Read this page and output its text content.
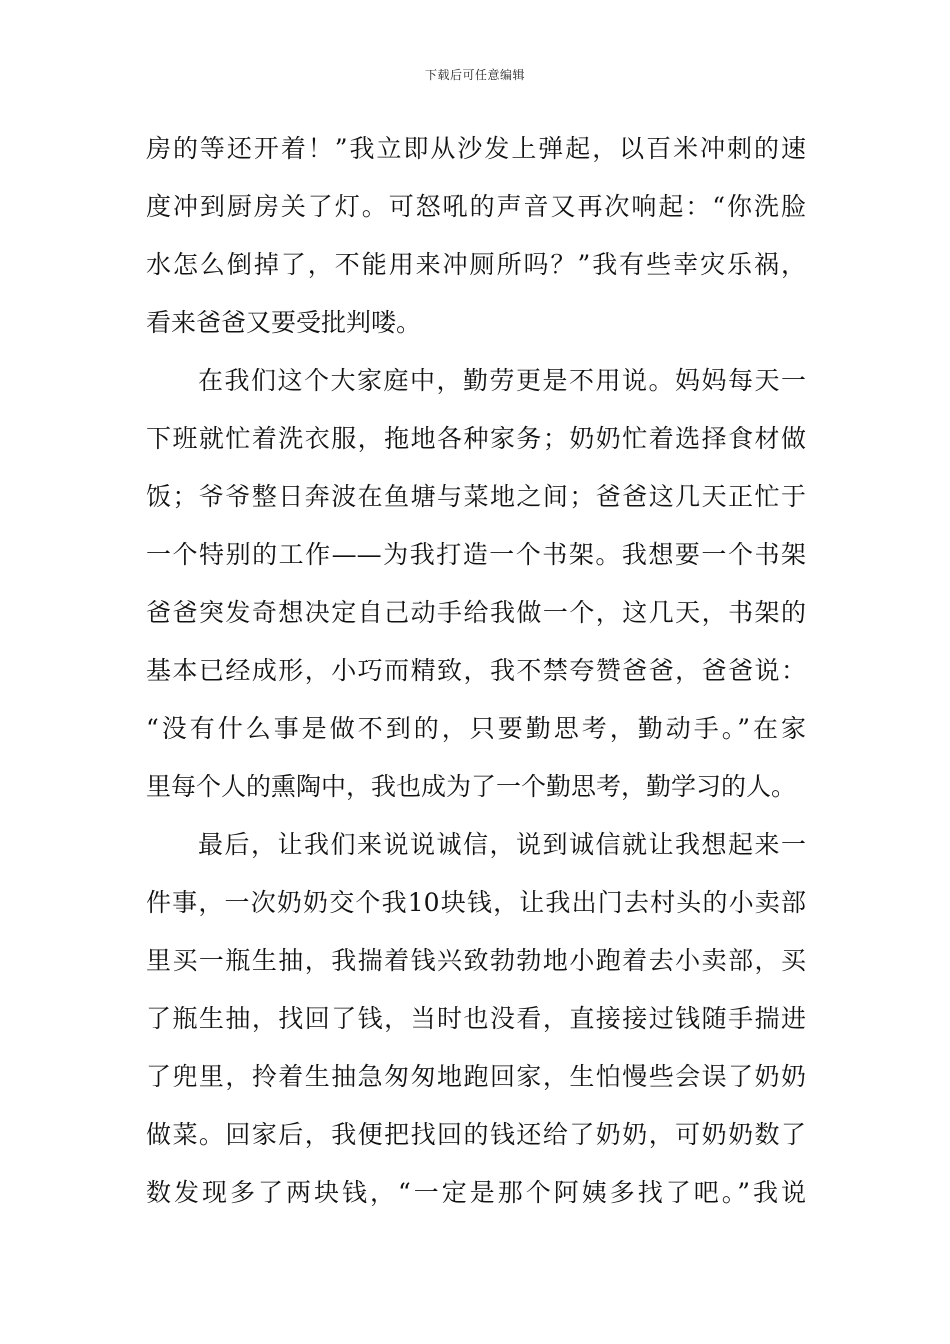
下载后可任意编辑
房的等还开着！”我立即从沙发上弹起，以百米冲刺的速
度冲到厨房关了灯。可怒吼的声音又再次响起：“你洗脸
水怎么倒掉了，不能用来冲厕所吗？”我有些幸灾乐祸，
看来爸爸又要受批判喽。
在我们这个大家庭中，勤劳更是不用说。妈妈每天一
下班就忙着洗衣服，拖地各种家务；奶奶忙着选择食材做
饭；爷爷整日奔波在鱼塘与菜地之间；爸爸这几天正忙于
一个特别的工作——为我打造一个书架。我想要一个书架
爸爸突发奇想决定自己动手给我做一个，这几天，书架的
基本已经成形，小巧而精致，我不禁夸赞爸爸，爸爸说：
“没有什么事是做不到的，只要勤思考，勤动手。”在家
里每个人的熏陶中，我也成为了一个勤思考，勤学习的人。
最后，让我们来说说诚信，说到诚信就让我想起来一
件事，一次奶奶交个我10块钱，让我出门去村头的小卖部
里买一瓶生抽，我揣着钱兴致勃勃地小跑着去小卖部，买
了瓶生抽，找回了钱，当时也没看，直接接过钱随手揣进
了兜里，拎着生抽急匆匆地跑回家，生怕慢些会误了奶奶
做菜。回家后，我便把找回的钱还给了奶奶，可奶奶数了
数发现多了两块钱，“一定是那个阿姨多找了吧。”我说
